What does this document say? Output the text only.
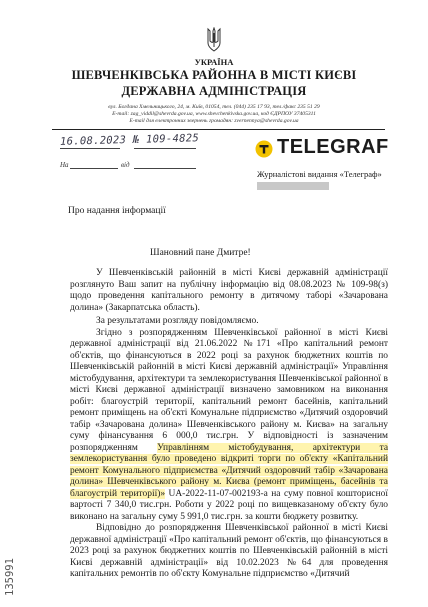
УКРАЇНА
ШЕВЧЕНКІВСЬКА РАЙОННА В МІСТІ КИЄВІ
ДЕРЖАВНА АДМІНІСТРАЦІЯ
вул. Богдана Хмельницького, 24, м. Київ, 01054, тел. (044) 235 17 93, тел./факс 235 51 29
E-mail: zag_viddil@shevrda.gov.ua, www.shevchenkivska.gov.ua, код ЄДРПОУ 37405311
E-mail для електронних звернень громадян: zvernennya@shevrda.gov.ua
16.08.2023 № 109-4825
На	від
TELEGRAF
Журналістові видання «Телеграф»
Про надання інформації
Шановний пане Дмитре!

У Шевченківській районній в місті Києві державній адміністрації розглянуто Ваш запит на публічну інформацію від 08.08.2023 № 109-98(з) щодо проведення капітального ремонту в дитячому таборі «Зачарована долина» (Закарпатська область).

За результатами розгляду повідомляємо.

Згідно з розпорядженням Шевченківської районної в місті Києві державної адміністрації від 21.06.2022 №171 «Про капітальний ремонт об'єктів, що фінансуються в 2022 році за рахунок бюджетних коштів по Шевченківській районній в місті Києві державній адміністрації» Управління містобудування, архітектури та землекористування Шевченківської районної в місті Києві державної адміністрації визначено замовником на виконання робіт: благоустрій території, капітальний ремонт басейнів, капітальний ремонт приміщень на об'єкті Комунальне підприємство «Дитячий оздоровчий табір «Зачарована долина» Шевченківського району м. Києва» на загальну суму фінансування 6 000,0 тис.грн. У відповідності із зазначеним розпорядженням Управлінням містобудування, архітектури та землекористування було проведено відкриті торги по об'єкту «Капітальний ремонт Комунального підприємства «Дитячий оздоровчий табір «Зачарована долина» Шевченківського району м. Києва (ремонт приміщень, басейнів та благоустрій території)» UA-2022-11-07-002193-a на суму повної кошторисної вартості 7 340,0 тис.грн. Роботи у 2022 році по вищевказаному об'єкту було виконано на загальну суму 5 991,0 тис.грн. за кошти бюджету розвитку.

Відповідно до розпорядження Шевченківської районної в місті Києві державної адміністрації «Про капітальний ремонт об'єктів, що фінансуються в 2023 році за рахунок бюджетних коштів по Шевченківській районній в місті Києві державній адміністрації» від 10.02.2023 №64 для проведення капітальних ремонтів по об'єкту Комунальне підприємство «Дитячий

135991
